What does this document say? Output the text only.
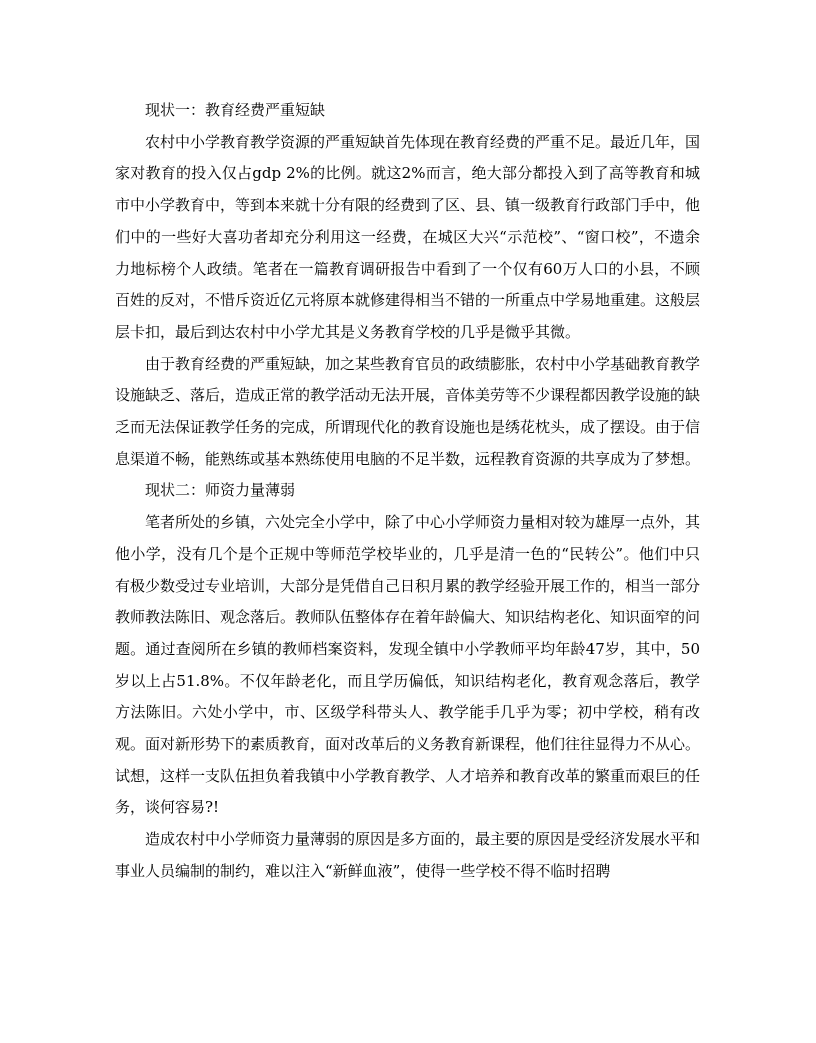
现状一：教育经费严重短缺

农村中小学教育教学资源的严重短缺首先体现在教育经费的严重不足。最近几年，国家对教育的投入仅占gdp 2%的比例。就这2%而言，绝大部分都投入到了高等教育和城市中小学教育中，等到本来就十分有限的经费到了区、县、镇一级教育行政部门手中，他们中的一些好大喜功者却充分利用这一经费，在城区大兴“示范校”、“窗口校”，不遗余力地标榜个人政绩。笔者在一篇教育调研报告中看到了一个仅有60万人口的小县，不顾百姓的反对，不惜斥资近亿元将原本就修建得相当不错的一所重点中学易地重建。这般层层卡扣，最后到达农村中小学尤其是义务教育学校的几乎是微乎其微。

由于教育经费的严重短缺，加之某些教育官员的政绩膨胀，农村中小学基础教育教学设施缺乏、落后，造成正常的教学活动无法开展，音体美劳等不少课程都因教学设施的缺乏而无法保证教学任务的完成，所谓现代化的教育设施也是绣花枕头，成了摆设。由于信息渠道不畅，能熟练或基本熟练使用电脑的不足半数，远程教育资源的共享成为了梦想。

现状二：师资力量薄弱

笔者所处的乡镇，六处完全小学中，除了中心小学师资力量相对较为雄厚一点外，其他小学，没有几个是个正规中等师范学校毕业的，几乎是清一色的“民转公”。他们中只有极少数受过专业培训，大部分是凭借自己日积月累的教学经验开展工作的，相当一部分教师教法陈旧、观念落后。教师队伍整体存在着年龄偏大、知识结构老化、知识面窄的问题。通过查阅所在乡镇的教师档案资料，发现全镇中小学教师平均年龄47岁，其中，50岁以上占51.8%。不仅年龄老化，而且学历偏低，知识结构老化，教育观念落后，教学方法陈旧。六处小学中，市、区级学科带头人、教学能手几乎为零；初中学校，稍有改观。面对新形势下的素质教育，面对改革后的义务教育新课程，他们往往显得力不从心。试想，这样一支队伍担负着我镇中小学教育教学、人才培养和教育改革的繁重而艰巨的任务，谈何容易?!

造成农村中小学师资力量薄弱的原因是多方面的，最主要的原因是受经济发展水平和事业人员编制的制约，难以注入“新鲜血液”，使得一些学校不得不临时招聘
